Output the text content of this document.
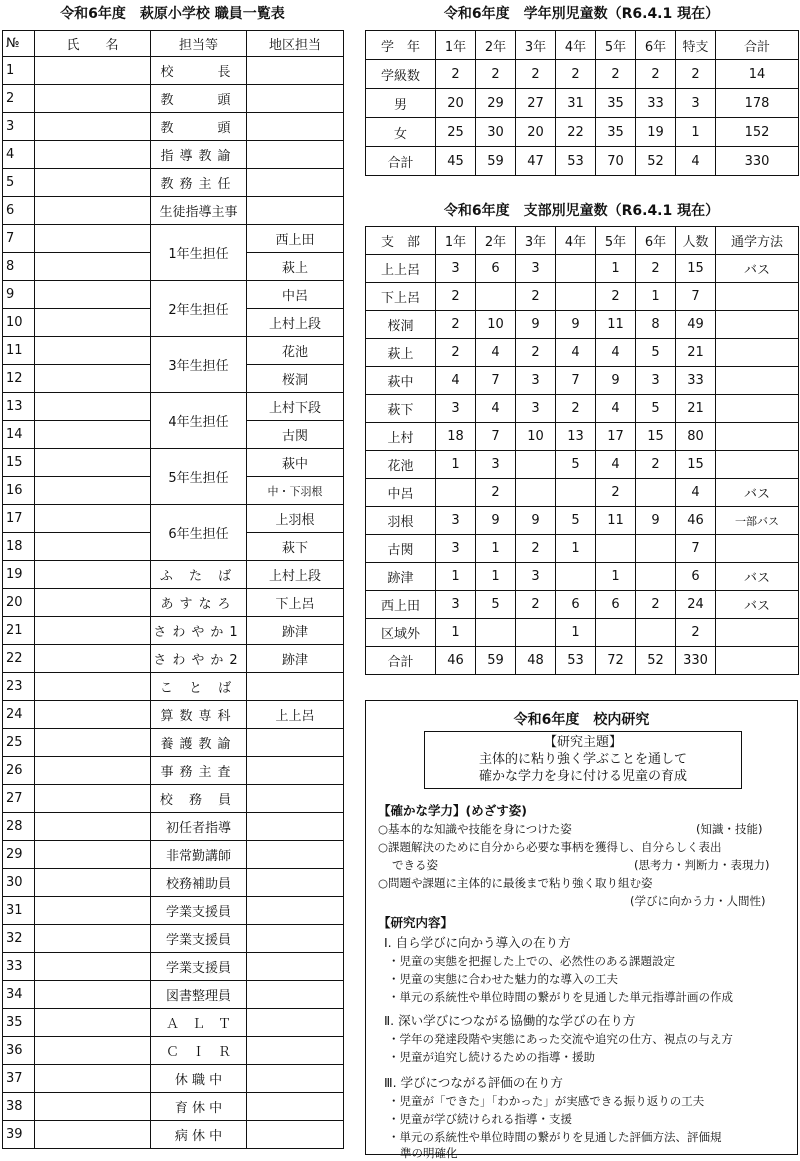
令和6年度　萩原小学校 職員一覧表
№	氏　　名	担当等	地区担当
1		校　　長	
2		教　　頭	
3		教　　頭	
4		指導教諭	
5		教務主任	
6		生徒指導主事	
7		1年生担任	西上田
8			萩上
9		2年生担任	中呂
10			上村上段
11		3年生担任	花池
12			桜洞
13		4年生担任	上村下段
14			古関
15		5年生担任	萩中
16			中・下羽根
17		6年生担任	上羽根
18			萩下
19		ふ た ば	上村上段
20		あすなろ	下上呂
21		さわやか1	跡津
22		さわやか2	跡津
23		こ と ば	
24		算数専科	上上呂
25		養護教諭	
26		事務主査	
27		校 務 員	
28		初任者指導	
29		非常勤講師	
30		校務補助員	
31		学業支援員	
32		学業支援員	
33		学業支援員	
34		図書整理員	
35		Ａ　Ｌ　Ｔ	
36		Ｃ　Ｉ　Ｒ	
37		休 職 中	
38		育 休 中	
39		病 休 中	
令和6年度　学年別児童数（R6.4.1 現在）
学　年	1年	2年	3年	4年	5年	6年	特支	合計
学級数	2	2	2	2	2	2	2	14
男	20	29	27	31	35	33	3	178
女	25	30	20	22	35	19	1	152
合計	45	59	47	53	70	52	4	330
令和6年度　支部別児童数（R6.4.1 現在）
支　部	1年	2年	3年	4年	5年	6年	人数	通学方法
上上呂	3	6	3		1	2	15	バス
下上呂	2		2		2	1	7	
桜洞	2	10	9	9	11	8	49	
萩上	2	4	2	4	4	5	21	
萩中	4	7	3	7	9	3	33	
萩下	3	4	3	2	4	5	21	
上村	18	7	10	13	17	15	80	
花池	1	3		5	4	2	15	
中呂		2			2		4	バス
羽根	3	9	9	5	11	9	46	一部バス
古関	3	1	2	1			7	
跡津	1	1	3		1		6	バス
西上田	3	5	2	6	6	2	24	バス
区域外	1			1			2	
合計	46	59	48	53	72	52	330	
令和6年度　校内研究
【研究主題】
主体的に粘り強く学ぶことを通して
確かな学力を身に付ける児童の育成
【確かな学力】(めざす姿)
○基本的な知識や技能を身につけた姿	(知識・技能)
○課題解決のために自分から必要な事柄を獲得し、自分らしく表出
できる姿	(思考力・判断力・表現力)
○問題や課題に主体的に最後まで粘り強く取り組む姿
(学びに向かう力・人間性)
【研究内容】
Ⅰ. 自ら学びに向かう導入の在り方
・児童の実態を把握した上での、必然性のある課題設定
・児童の実態に合わせた魅力的な導入の工夫
・単元の系統性や単位時間の繋がりを見通した単元指導計画の作成
Ⅱ. 深い学びにつながる協働的な学びの在り方
・学年の発達段階や実態にあった交流や追究の仕方、視点の与え方
・児童が追究し続けるための指導・援助
Ⅲ. 学びにつながる評価の在り方
・児童が「できた」「わかった」が実感できる振り返りの工夫
・児童が学び続けられる指導・支援
・単元の系統性や単位時間の繋がりを見通した評価方法、評価規
準の明確化
